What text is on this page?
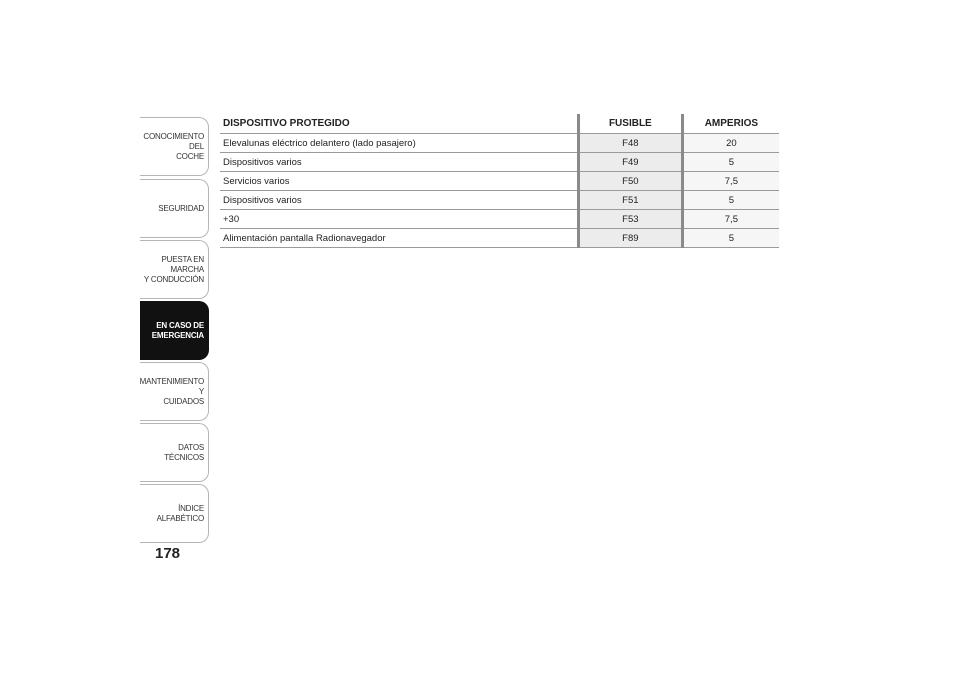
CONOCIMIENTO DEL
COCHE
SEGURIDAD
PUESTA EN MARCHA
Y CONDUCCIÓN
EN CASO DE
EMERGENCIA
MANTENIMIENTO Y
CUIDADOS
DATOS TÉCNICOS
ÍNDICE ALFABÉTICO
178
DISPOSITIVO PROTEGIDO	FUSIBLE	AMPERIOS
Elevalunas eléctrico delantero (lado pasajero)	F48	20
Dispositivos varios	F49	5
Servicios varios	F50	7,5
Dispositivos varios	F51	5
+30	F53	7,5
Alimentación pantalla Radionavegador	F89	5
